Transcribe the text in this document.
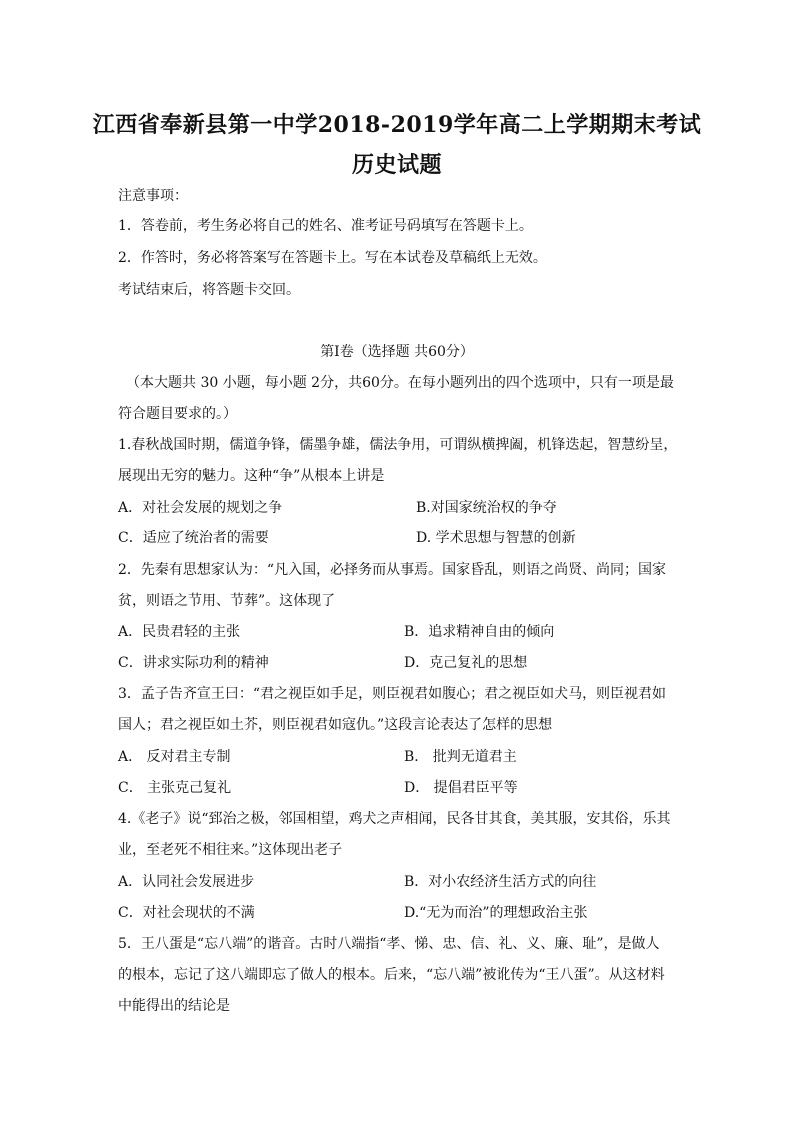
江西省奉新县第一中学2018-2019学年高二上学期期末考试
历史试题
注意事项：
1．答卷前，考生务必将自己的姓名、准考证号码填写在答题卡上。
2．作答时，务必将答案写在答题卡上。写在本试卷及草稿纸上无效。
考试结束后，将答题卡交回。
第Ⅰ卷（选择题 共60分）
（本大题共 30 小题，每小题 2分，共60分。在每小题列出的四个选项中，只有一项是最
符合题目要求的。）
1.春秋战国时期，儒道争锋，儒墨争雄，儒法争用，可谓纵横捭阖，机锋迭起，智慧纷呈，
展现出无穷的魅力。这种“争”从根本上讲是
A．对社会发展的规划之争	B.对国家统治权的争夺
C．适应了统治者的需要	D. 学术思想与智慧的创新
2．先秦有思想家认为：“凡入国，必择务而从事焉。国家昏乱，则语之尚贤、尚同；国家
贫，则语之节用、节葬”。这体现了
A．民贵君轻的主张	B．追求精神自由的倾向
C．讲求实际功利的精神	D．克己复礼的思想
3．孟子告齐宣王曰：“君之视臣如手足，则臣视君如腹心；君之视臣如犬马，则臣视君如
国人；君之视臣如土芥，则臣视君如寇仇。”这段言论表达了怎样的思想
A． 反对君主专制	B． 批判无道君主
C． 主张克己复礼	D． 提倡君臣平等
4.《老子》说“郅治之极，邻国相望，鸡犬之声相闻，民各甘其食，美其服，安其俗，乐其
业，至老死不相往来。”这体现出老子
A．认同社会发展进步	B．对小农经济生活方式的向往
C．对社会现状的不满	D.“无为而治”的理想政治主张
5．王八蛋是“忘八端”的谐音。古时八端指“孝、悌、忠、信、礼、义、廉、耻”，是做人
的根本，忘记了这八端即忘了做人的根本。后来，“忘八端”被讹传为“王八蛋”。从这材料
中能得出的结论是
